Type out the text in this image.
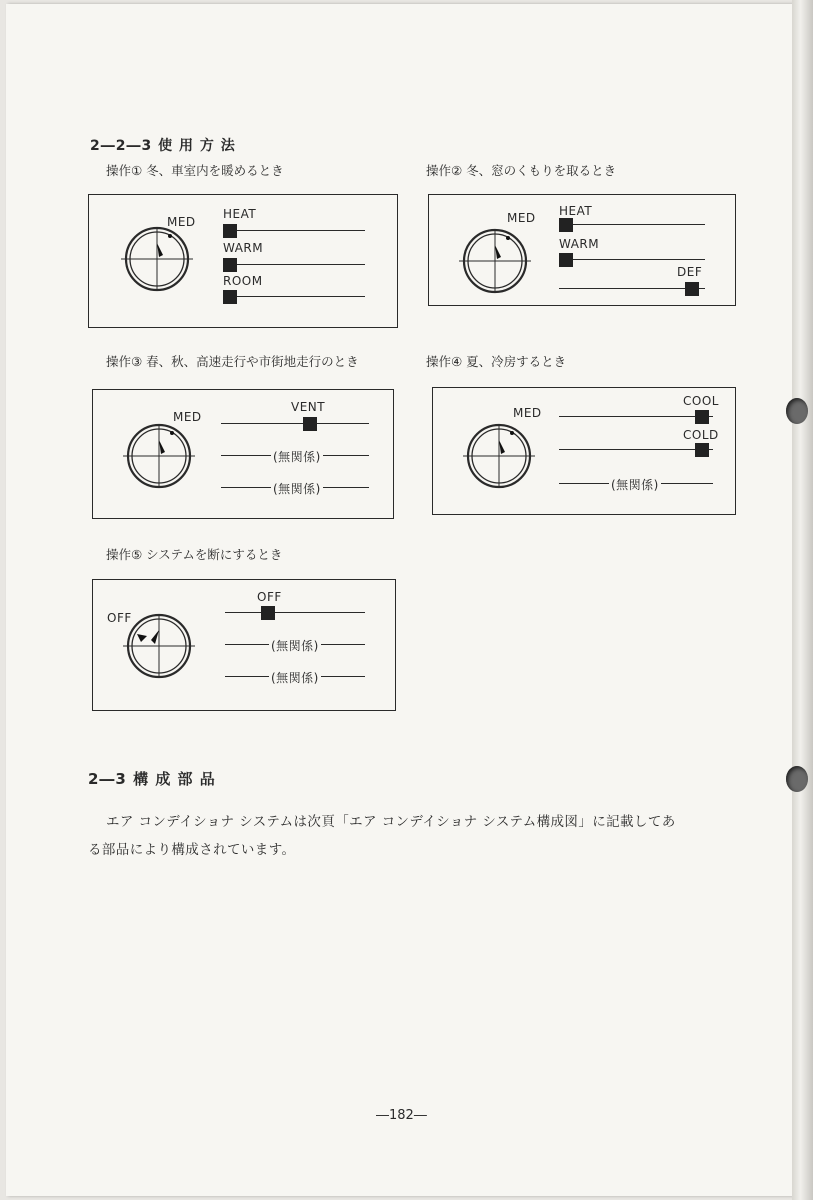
2―2―3 使 用 方 法
操作① 冬、車室内を暖めるとき
MED
HEAT
WARM
ROOM
操作② 冬、窓のくもりを取るとき
MED HEAT
WARM
DEF
操作③ 春、秋、高速走行や市街地走行のとき
MED
VENT
(無関係)
(無関係)
操作④ 夏、冷房するとき
MED
COOL
COLD
(無関係)
操作⑤ システムを断にするとき
OFF
OFF
(無関係)
(無関係)
2―3 構 成 部 品
エア コンデイショナ システムは次頁「エア コンデイショナ システム構成図」に記載してあ
る部品により構成されています。
―182―
